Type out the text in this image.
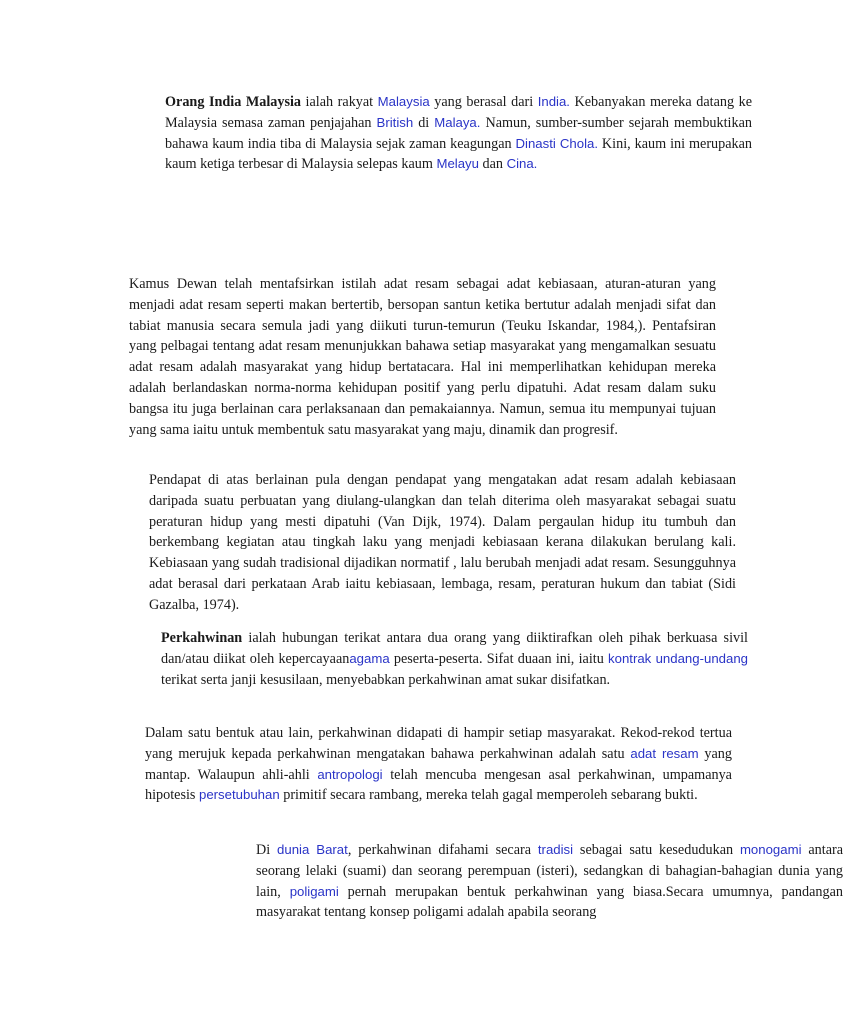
Orang India Malaysia ialah rakyat Malaysia yang berasal dari India. Kebanyakan mereka datang ke Malaysia semasa zaman penjajahan British di Malaya. Namun, sumber-sumber sejarah membuktikan bahawa kaum india tiba di Malaysia sejak zaman keagungan Dinasti Chola. Kini, kaum ini merupakan kaum ketiga terbesar di Malaysia selepas kaum Melayu dan Cina.

Kamus Dewan telah mentafsirkan istilah adat resam sebagai adat kebiasaan, aturan-aturan yang menjadi adat resam seperti makan bertertib, bersopan santun ketika bertutur adalah menjadi sifat dan tabiat manusia secara semula jadi yang diikuti turun-temurun (Teuku Iskandar, 1984,). Pentafsiran yang pelbagai tentang adat resam menunjukkan bahawa setiap masyarakat yang mengamalkan sesuatu adat resam adalah masyarakat yang hidup bertatacara. Hal ini memperlihatkan kehidupan mereka adalah berlandaskan norma-norma kehidupan positif yang perlu dipatuhi. Adat resam dalam suku bangsa itu juga berlainan cara perlaksanaan dan pemakaiannya. Namun, semua itu mempunyai tujuan yang sama iaitu untuk membentuk satu masyarakat yang maju, dinamik dan progresif.

Pendapat di atas berlainan pula dengan pendapat yang mengatakan adat resam adalah kebiasaan daripada suatu perbuatan yang diulang-ulangkan dan telah diterima oleh masyarakat sebagai suatu peraturan hidup yang mesti dipatuhi (Van Dijk, 1974). Dalam pergaulan hidup itu tumbuh dan berkembang kegiatan atau tingkah laku yang menjadi kebiasaan kerana dilakukan berulang kali. Kebiasaan yang sudah tradisional dijadikan normatif , lalu berubah menjadi adat resam. Sesungguhnya adat berasal dari perkataan Arab iaitu kebiasaan, lembaga, resam, peraturan hukum dan tabiat (Sidi Gazalba, 1974).

Perkahwinan ialah hubungan terikat antara dua orang yang diiktirafkan oleh pihak berkuasa sivil dan/atau diikat oleh kepercayaanagama peserta-peserta. Sifat duaan ini, iaitu kontrak undang-undang terikat serta janji kesusilaan, menyebabkan perkahwinan amat sukar disifatkan.

Dalam satu bentuk atau lain, perkahwinan didapati di hampir setiap masyarakat. Rekod-rekod tertua yang merujuk kepada perkahwinan mengatakan bahawa perkahwinan adalah satu adat resam yang mantap. Walaupun ahli-ahli antropologi telah mencuba mengesan asal perkahwinan, umpamanya hipotesis persetubuhan primitif secara rambang, mereka telah gagal memperoleh sebarang bukti.

Di dunia Barat, perkahwinan difahami secara tradisi sebagai satu kesedudukan monogami antara seorang lelaki (suami) dan seorang perempuan (isteri), sedangkan di bahagian-bahagian dunia yang lain, poligami pernah merupakan bentuk perkahwinan yang biasa.Secara umumnya, pandangan masyarakat tentang konsep poligami adalah apabila seorang
